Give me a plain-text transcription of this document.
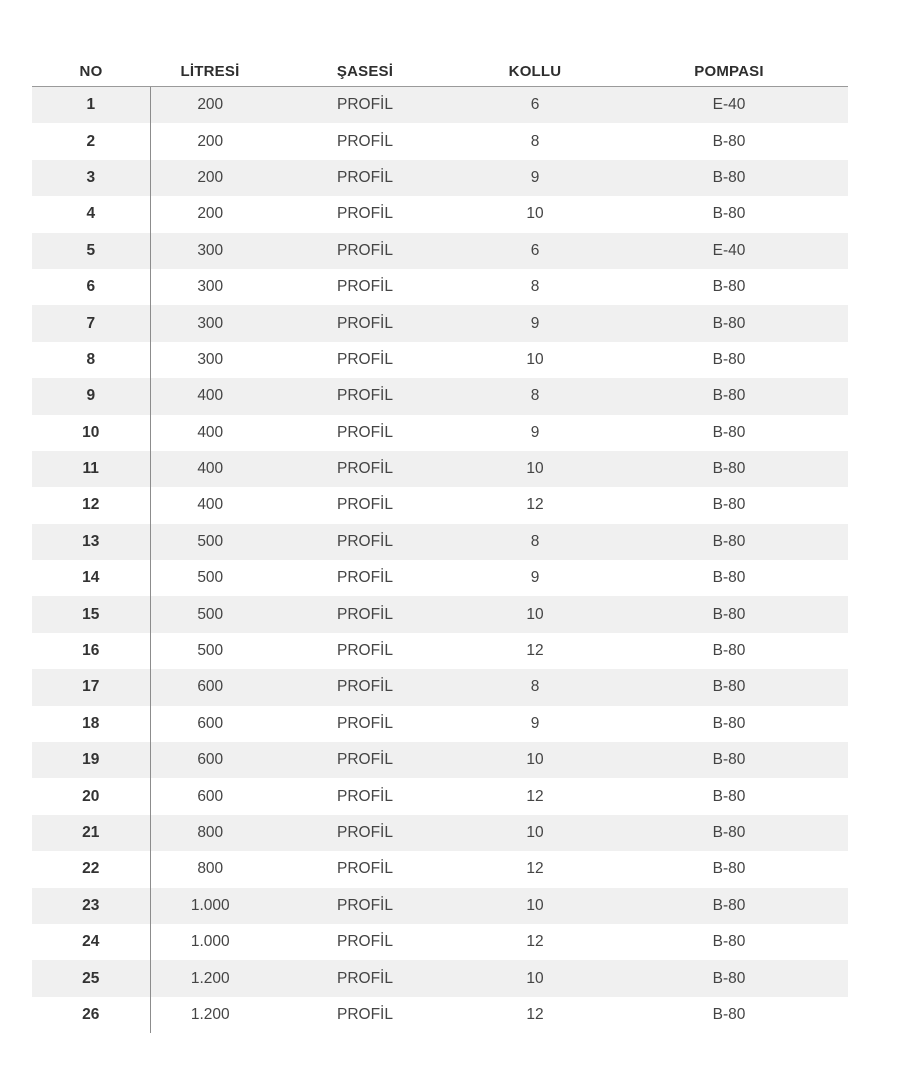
NO	LİTRESİ	ŞASESİ	KOLLU	POMPASI
1	200	PROFİL	6	E-40
2	200	PROFİL	8	B-80
3	200	PROFİL	9	B-80
4	200	PROFİL	10	B-80
5	300	PROFİL	6	E-40
6	300	PROFİL	8	B-80
7	300	PROFİL	9	B-80
8	300	PROFİL	10	B-80
9	400	PROFİL	8	B-80
10	400	PROFİL	9	B-80
11	400	PROFİL	10	B-80
12	400	PROFİL	12	B-80
13	500	PROFİL	8	B-80
14	500	PROFİL	9	B-80
15	500	PROFİL	10	B-80
16	500	PROFİL	12	B-80
17	600	PROFİL	8	B-80
18	600	PROFİL	9	B-80
19	600	PROFİL	10	B-80
20	600	PROFİL	12	B-80
21	800	PROFİL	10	B-80
22	800	PROFİL	12	B-80
23	1.000	PROFİL	10	B-80
24	1.000	PROFİL	12	B-80
25	1.200	PROFİL	10	B-80
26	1.200	PROFİL	12	B-80
